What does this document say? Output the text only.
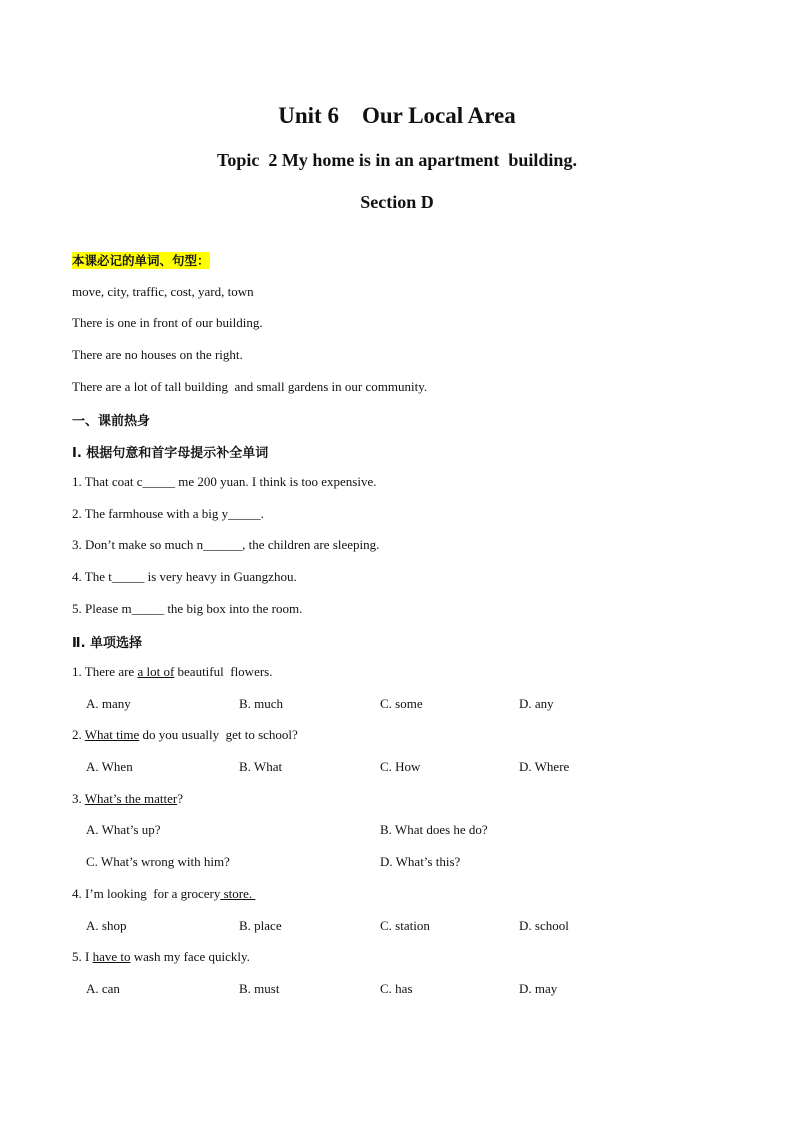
Unit 6    Our Local Area
Topic  2 My home is in an apartment  building.
Section D
本课必记的单词、句型：
move, city, traffic, cost, yard, town
There is one in front of our building.
There are no houses on the right.
There are a lot of tall building  and small gardens in our community.
一、课前热身
Ⅰ. 根据句意和首字母提示补全单词
1. That coat c_____ me 200 yuan. I think is too expensive.
2. The farmhouse with a big y_____.
3. Don’t make so much n______, the children are sleeping.
4. The t_____ is very heavy in Guangzhou.
5. Please m_____ the big box into the room.
Ⅱ. 单项选择
1. There are a lot of beautiful  flowers.
A. many	B. much	C. some	D. any
2. What time do you usually  get to school?
A. When	B. What	C. How	D. Where
3. What’s the matter?
A. What’s up?	B. What does he do?
C. What’s wrong with him?	D. What’s this?
4. I’m looking  for a grocery store.
A. shop	B. place	C. station	D. school
5. I have to wash my face quickly.
A. can	B. must	C. has	D. may
